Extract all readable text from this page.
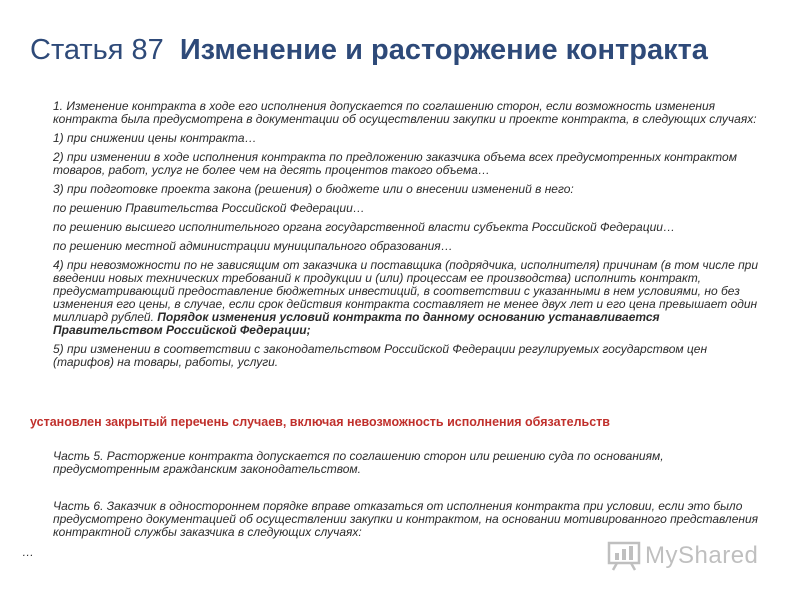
Статья 87 Изменение и расторжение контракта

1. Изменение контракта в ходе его исполнения допускается по соглашению сторон, если возможность изменения контракта была предусмотрена в документации об осуществлении закупки и проекте контракта, в следующих случаях:

1) при снижении цены контракта…

2) при изменении в ходе исполнения контракта по предложению заказчика объема всех предусмотренных контрактом товаров, работ, услуг не более чем на десять процентов такого объема…

3) при подготовке проекта закона (решения) о бюджете или о внесении изменений в него:

по решению Правительства Российской Федерации…

по решению высшего исполнительного органа государственной власти субъекта Российской Федерации…

по решению местной администрации муниципального образования…

4) при невозможности по не зависящим от заказчика и поставщика (подрядчика, исполнителя) причинам (в том числе при введении новых технических требований к продукции и (или) процессам ее производства) исполнить контракт, предусматривающий предоставление бюджетных инвестиций, в соответствии с указанными в нем условиями, но без изменения его цены, в случае, если срок действия контракта составляет не менее двух лет и его цена превышает один миллиард рублей. Порядок изменения условий контракта по данному основанию устанавливается Правительством Российской Федерации;

5) при изменении в соответствии с законодательством Российской Федерации регулируемых государством цен (тарифов) на товары, работы, услуги.

установлен закрытый перечень случаев, включая невозможность исполнения обязательств
Часть 5. Расторжение контракта допускается по соглашению сторон или решению суда по основаниям, предусмотренным гражданским законодательством.
Часть 6. Заказчик в одностороннем порядке вправе отказаться от исполнения контракта при условии, если это было предусмотрено документацией об осуществлении закупки и контрактом, на основании мотивированного представления контрактной службы заказчика в следующих случаях:
…	MyShared
